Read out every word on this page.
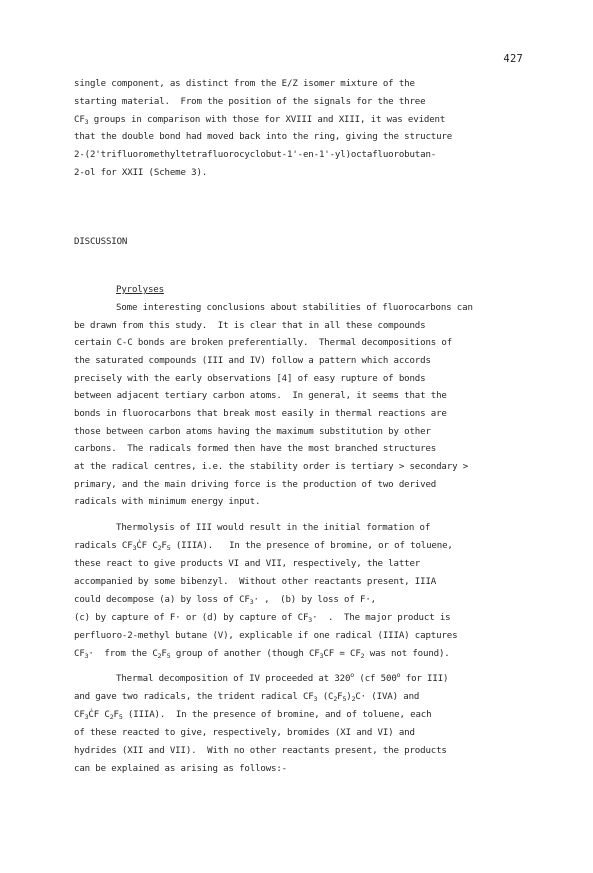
427
single component, as distinct from the E/Z isomer mixture of the
starting material.  From the position of the signals for the three
$CF_3$ groups in comparison with those for XVIII and XIII, it was evident
that the double bond had moved back into the ring, giving the structure
2-(2'trifluoromethyltetrafluorocyclobut-1'-en-1'-yl)octafluorobutan-
2-ol for XXII (Scheme 3).
DISCUSSION
Pyrolyses
Some interesting conclusions about stabilities of fluorocarbons can
be drawn from this study.  It is clear that in all these compounds
certain C-C bonds are broken preferentially.  Thermal decompositions of
the saturated compounds (III and IV) follow a pattern which accords
precisely with the early observations [4] of easy rupture of bonds
between adjacent tertiary carbon atoms.  In general, it seems that the
bonds in fluorocarbons that break most easily in thermal reactions are
those between carbon atoms having the maximum substitution by other
carbons.  The radicals formed then have the most branched structures
at the radical centres, i.e. the stability order is tertiary > secondary >
primary, and the main driving force is the production of two derived
radicals with minimum energy input.
Thermolysis of III would result in the initial formation of
radicals $CF_3ĊF$ $C_2F_5$ (IIIA).   In the presence of bromine, or of toluene,
these react to give products VI and VII, respectively, the latter
accompanied by some bibenzyl.  Without other reactants present, IIIA
could decompose (a) by loss of $CF_3\cdot$ ,  (b) by loss of F·,
(c) by capture of F· or (d) by capture of $CF_3\cdot$  .  The major product is
perfluoro-2-methyl butane (V), explicable if one radical (IIIA) captures
$CF_3\cdot$  from the $C_2F_5$ group of another (though $CF_3CF = CF_2$ was not found).
Thermal decomposition of IV proceeded at 320$^o$ (cf 500$^o$ for III)
and gave two radicals, the trident radical $CF_3$ $(C_2F_5)_2C\cdot (IVA)$ and
$CF_3ĊF$ $C_2F_5$ (IIIA).  In the presence of bromine, and of toluene, each
of these reacted to give, respectively, bromides (XI and VI) and
hydrides (XII and VII).  With no other reactants present, the products
can be explained as arising as follows:-
